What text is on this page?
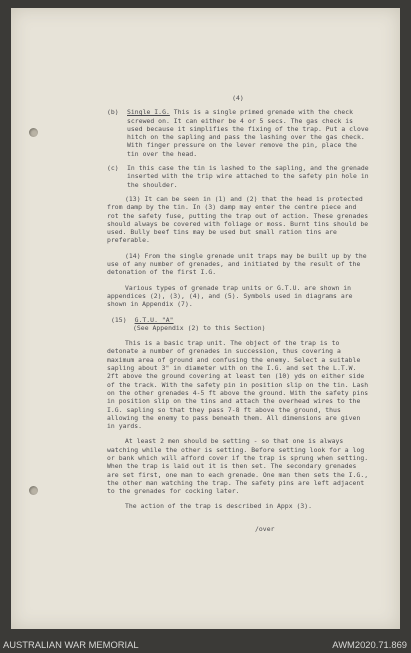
(4)
(b) Single I.G. This is a single primed grenade with the check screwed on. It can either be 4 or 5 secs. The gas check is used because it simplifies the fixing of the trap. Put a clove hitch on the sapling and pass the lashing over the gas check. With finger pressure on the lever remove the pin, place the tin over the head.

(c) In this case the tin is lashed to the sapling, and the grenade inserted with the trip wire attached to the safety pin hole in the shoulder.

(13) It can be seen in (1) and (2) that the head is protected from damp by the tin. In (3) damp may enter the centre piece and rot the safety fuse, putting the trap out of action. These grenades should always be covered with foliage or moss. Burnt tins should be used. Bully beef tins may be used but small ration tins are preferable.
(14) From the single grenade unit traps may be built up by the use of any number of grenades, and initiated by the result of the detonation of the first I.G.
Various types of grenade trap units or G.T.U. are shown in appendices (2), (3), (4), and (5). Symbols used in diagrams are shown in Appendix (7).
(15) G.T.U. "A"
(See Appendix (2) to this Section)
This is a basic trap unit. The object of the trap is to detonate a number of grenades in succession, thus covering a maximum area of ground and confusing the enemy. Select a suitable sapling about 3" in diameter with on the I.G. and set the L.T.W. 2ft above the ground covering at least ten (10) yds on either side of the track. With the safety pin in position slip on the tin. Lash on the other grenades 4-5 ft above the ground. With the safety pins in position slip on the tins and attach the overhead wires to the I.G. sapling so that they pass 7-8 ft above the ground, thus allowing the enemy to pass beneath them. All dimensions are given in yards.
At least 2 men should be setting - so that one is always watching while the other is setting. Before setting look for a log or bank which will afford cover if the trap is sprung when setting. When the trap is laid out it is then set. The secondary grenades are set first, one man to each grenade. One man then sets the I.G., the other man watching the trap. The safety pins are left adjacent to the grenades for cocking later.
The action of the trap is described in Appx (3).
/over
AUSTRALIAN WAR MEMORIAL	AWM2020.71.869
